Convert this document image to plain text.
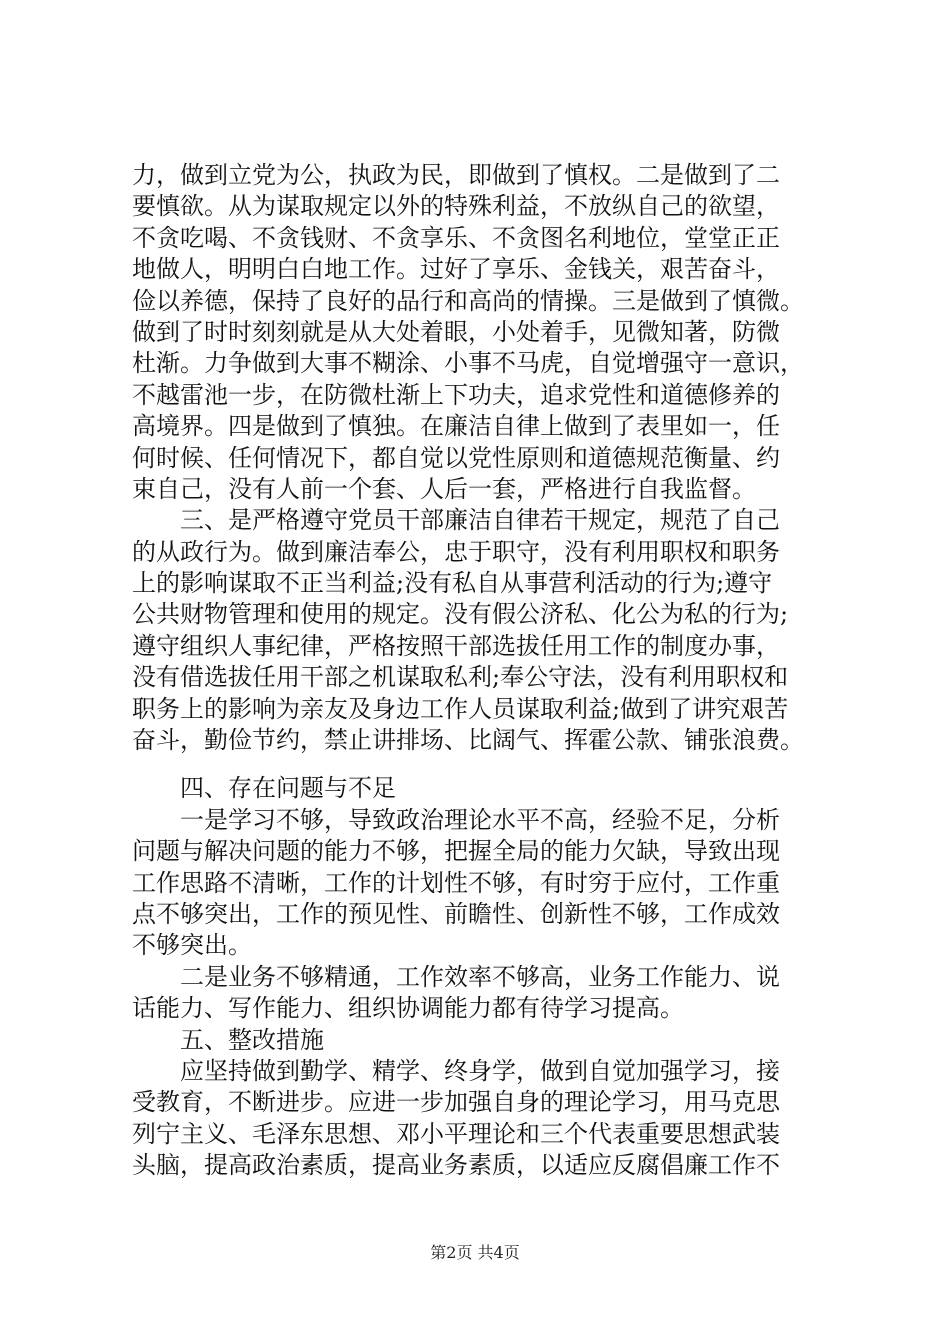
力，做到立党为公，执政为民，即做到了慎权。二是做到了二
要慎欲。从为谋取规定以外的特殊利益，不放纵自己的欲望，
不贪吃喝、不贪钱财、不贪享乐、不贪图名利地位，堂堂正正
地做人，明明白白地工作。过好了享乐、金钱关，艰苦奋斗，
俭以养德，保持了良好的品行和高尚的情操。三是做到了慎微。
做到了时时刻刻就是从大处着眼，小处着手，见微知著，防微
杜渐。力争做到大事不糊涂、小事不马虎，自觉增强守一意识，
不越雷池一步，在防微杜渐上下功夫，追求党性和道德修养的
高境界。四是做到了慎独。在廉洁自律上做到了表里如一，任
何时候、任何情况下，都自觉以党性原则和道德规范衡量、约
束自己，没有人前一个套、人后一套，严格进行自我监督。
　　三、是严格遵守党员干部廉洁自律若干规定，规范了自己
的从政行为。做到廉洁奉公，忠于职守，没有利用职权和职务
上的影响谋取不正当利益;没有私自从事营利活动的行为;遵守
公共财物管理和使用的规定。没有假公济私、化公为私的行为;
遵守组织人事纪律，严格按照干部选拔任用工作的制度办事，
没有借选拔任用干部之机谋取私利;奉公守法，没有利用职权和
职务上的影响为亲友及身边工作人员谋取利益;做到了讲究艰苦
奋斗，勤俭节约，禁止讲排场、比阔气、挥霍公款、铺张浪费。
　　四、存在问题与不足
　　一是学习不够，导致政治理论水平不高，经验不足，分析
问题与解决问题的能力不够，把握全局的能力欠缺，导致出现
工作思路不清晰，工作的计划性不够，有时穷于应付，工作重
点不够突出，工作的预见性、前瞻性、创新性不够，工作成效
不够突出。
　　二是业务不够精通，工作效率不够高，业务工作能力、说
话能力、写作能力、组织协调能力都有待学习提高。
　　五、整改措施
　　应坚持做到勤学、精学、终身学，做到自觉加强学习，接
受教育，不断进步。应进一步加强自身的理论学习，用马克思
列宁主义、毛泽东思想、邓小平理论和三个代表重要思想武装
头脑，提高政治素质，提高业务素质，以适应反腐倡廉工作不
第2页 共4页
